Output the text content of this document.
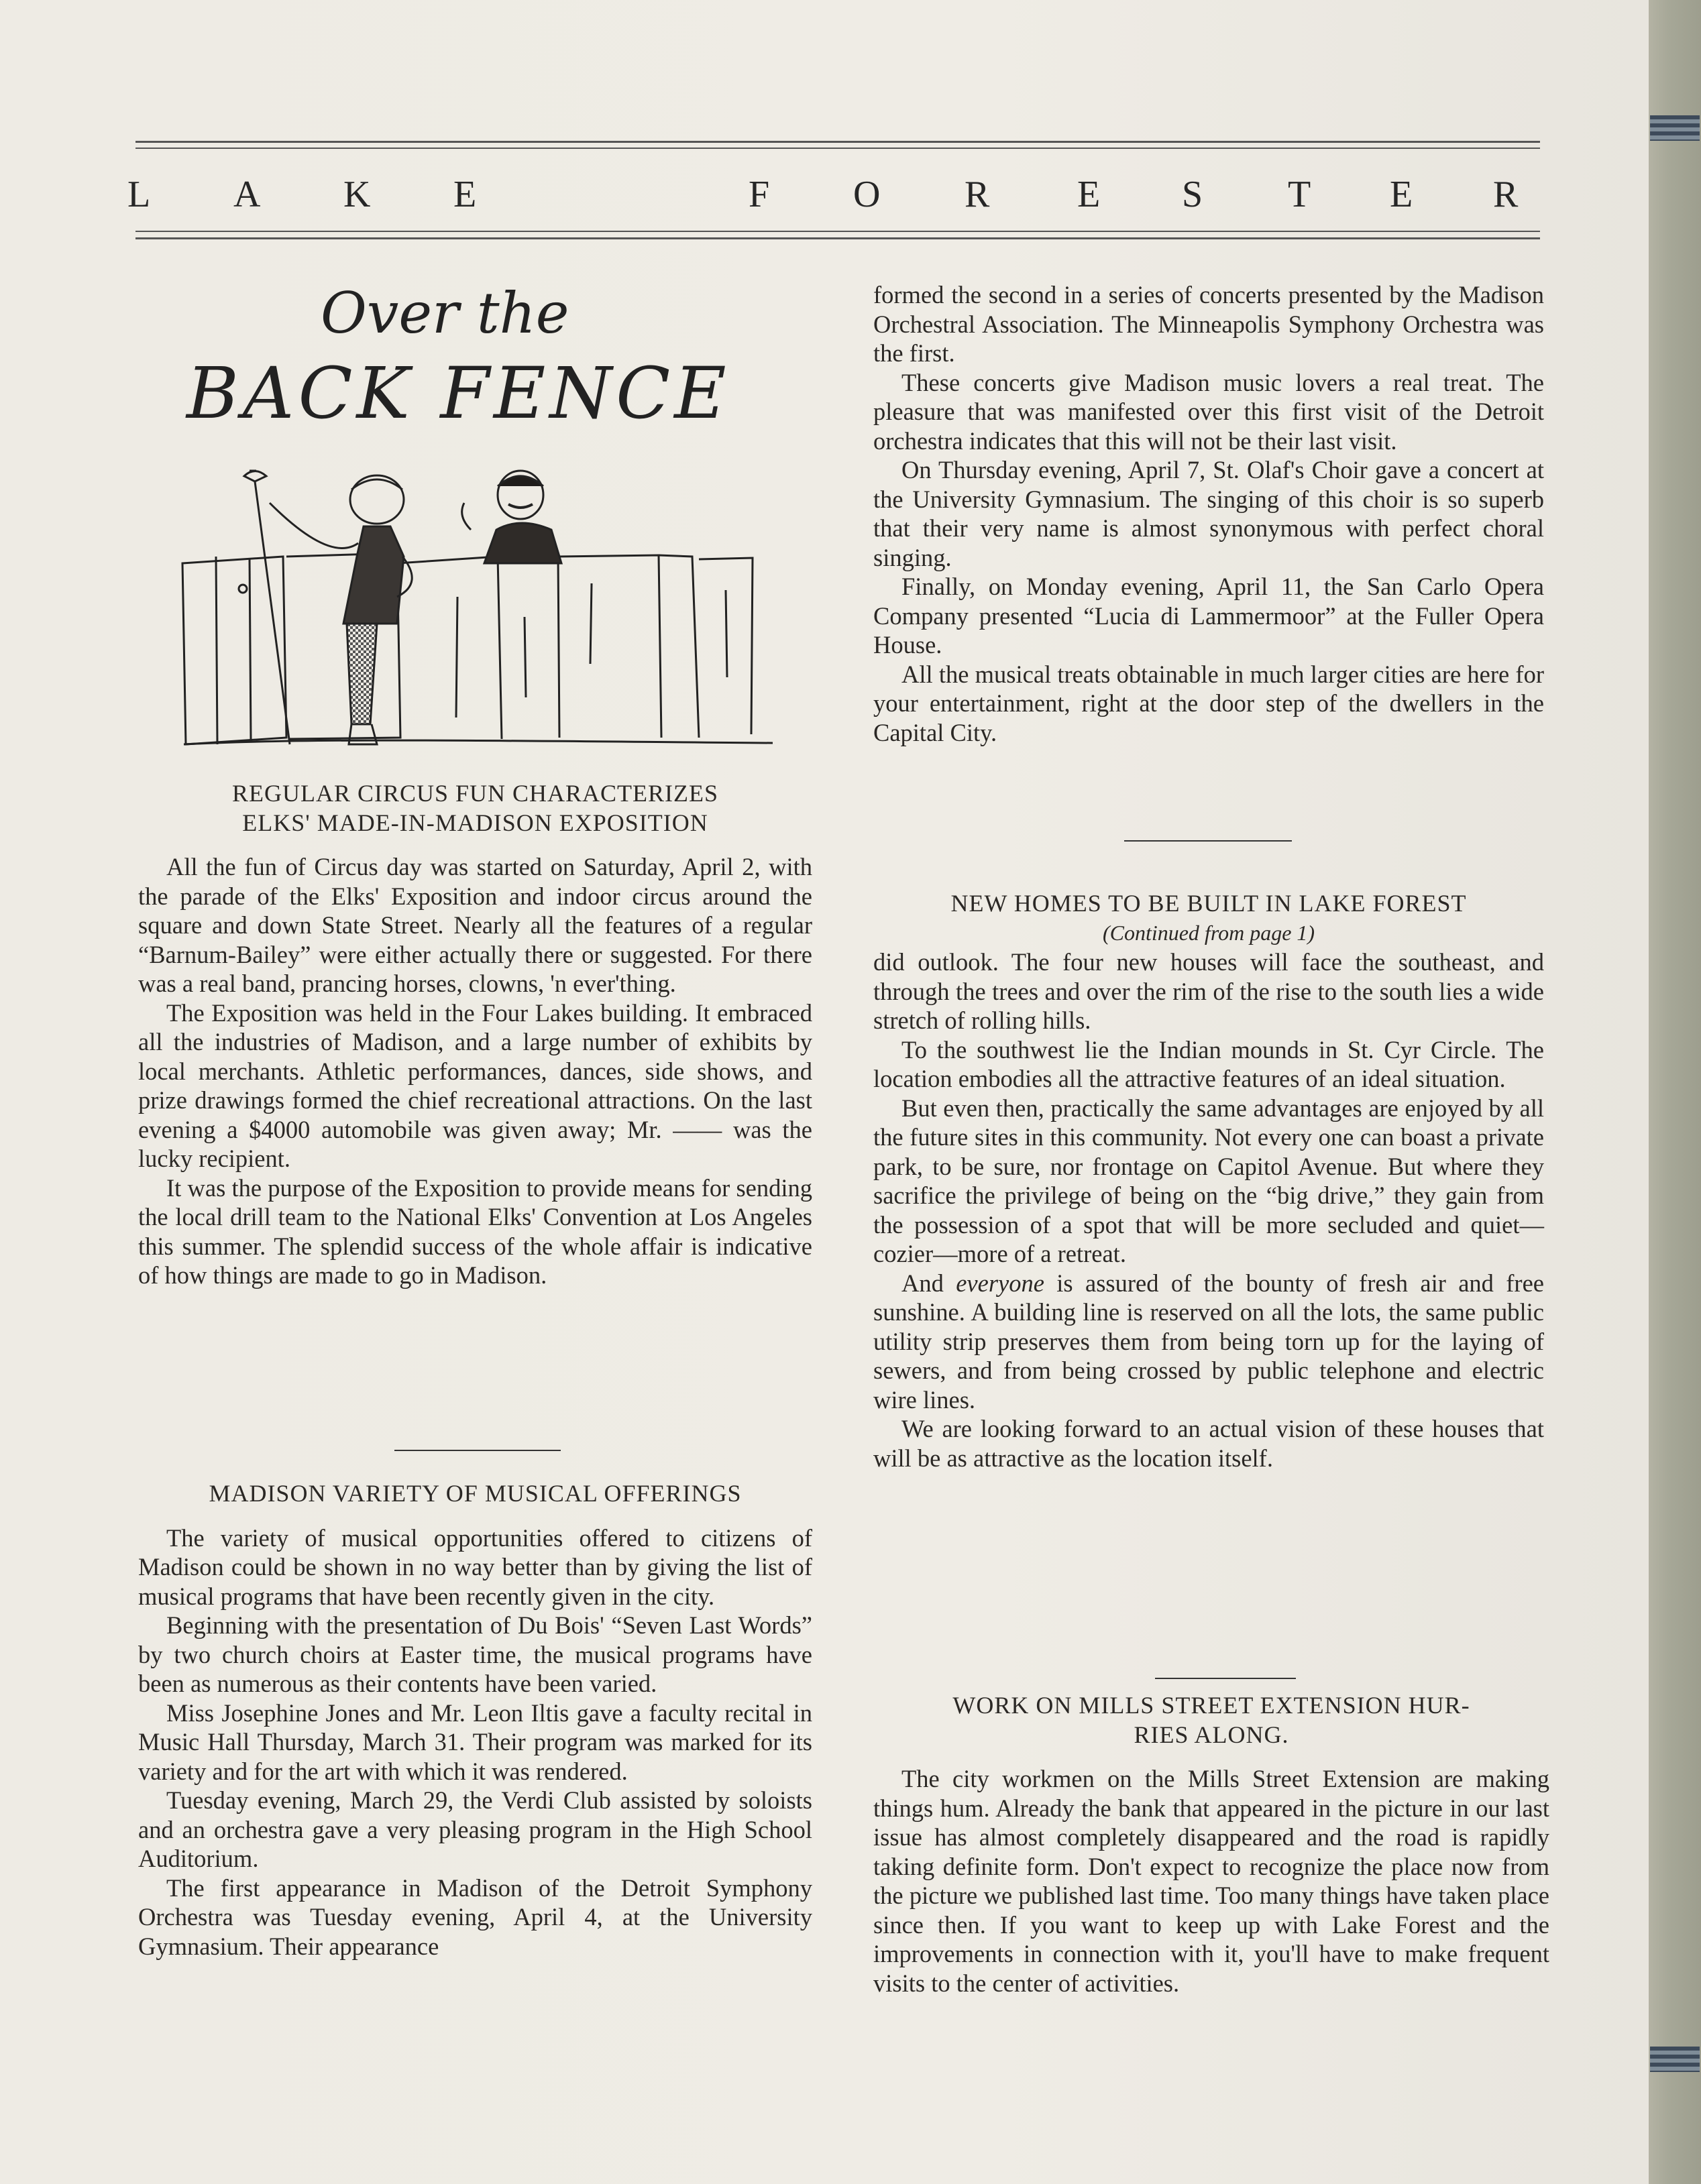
L A K E	F O R E S T E R
Over the
BACK FENCE

REGULAR CIRCUS FUN CHARACTERIZES

ELKS' MADE-IN-MADISON EXPOSITION

All the fun of Circus day was started on Saturday, April 2, with the parade of the Elks' Exposition and indoor circus around the square and down State Street. Nearly all the features of a regular “Barnum-Bailey” were either actually there or suggested. For there was a real band, prancing horses, clowns, 'n ever'thing.

The Exposition was held in the Four Lakes building. It embraced all the industries of Madison, and a large number of exhibits by local merchants. Athletic performances, dances, side shows, and prize drawings formed the chief recreational attractions. On the last evening a $4000 automobile was given away; Mr. —— was the lucky recipient.

It was the purpose of the Exposition to provide means for sending the local drill team to the National Elks' Convention at Los Angeles this summer. The splendid success of the whole affair is indicative of how things are made to go in Madison.

MADISON VARIETY OF MUSICAL OFFERINGS

The variety of musical opportunities offered to citizens of Madison could be shown in no way better than by giving the list of musical programs that have been recently given in the city.

Beginning with the presentation of Du Bois' “Seven Last Words” by two church choirs at Easter time, the musical programs have been as numerous as their contents have been varied.

Miss Josephine Jones and Mr. Leon Iltis gave a faculty recital in Music Hall Thursday, March 31. Their program was marked for its variety and for the art with which it was rendered.

Tuesday evening, March 29, the Verdi Club assisted by soloists and an orchestra gave a very pleasing program in the High School Auditorium.

The first appearance in Madison of the Detroit Symphony Orchestra was Tuesday evening, April 4, at the University Gymnasium. Their appearance

formed the second in a series of concerts presented by the Madison Orchestral Association. The Minneapolis Symphony Orchestra was the first.

These concerts give Madison music lovers a real treat. The pleasure that was manifested over this first visit of the Detroit orchestra indicates that this will not be their last visit.

On Thursday evening, April 7, St. Olaf's Choir gave a concert at the University Gymnasium. The singing of this choir is so superb that their very name is almost synonymous with perfect choral singing.

Finally, on Monday evening, April 11, the San Carlo Opera Company presented “Lucia di Lammermoor” at the Fuller Opera House.

All the musical treats obtainable in much larger cities are here for your entertainment, right at the door step of the dwellers in the Capital City.

NEW HOMES TO BE BUILT IN LAKE FOREST

(Continued from page 1)

did outlook. The four new houses will face the southeast, and through the trees and over the rim of the rise to the south lies a wide stretch of rolling hills.

To the southwest lie the Indian mounds in St. Cyr Circle. The location embodies all the attractive features of an ideal situation.

But even then, practically the same advantages are enjoyed by all the future sites in this community. Not every one can boast a private park, to be sure, nor frontage on Capitol Avenue. But where they sacrifice the privilege of being on the “big drive,” they gain from the possession of a spot that will be more secluded and quiet—cozier—more of a retreat.

And everyone is assured of the bounty of fresh air and free sunshine. A building line is reserved on all the lots, the same public utility strip preserves them from being torn up for the laying of sewers, and from being crossed by public telephone and electric wire lines.

We are looking forward to an actual vision of these houses that will be as attractive as the location itself.

WORK ON MILLS STREET EXTENSION HUR-

RIES ALONG.

The city workmen on the Mills Street Extension are making things hum. Already the bank that appeared in the picture in our last issue has almost completely disappeared and the road is rapidly taking definite form. Don't expect to recognize the place now from the picture we published last time. Too many things have taken place since then. If you want to keep up with Lake Forest and the improvements in connection with it, you'll have to make frequent visits to the center of activities.
